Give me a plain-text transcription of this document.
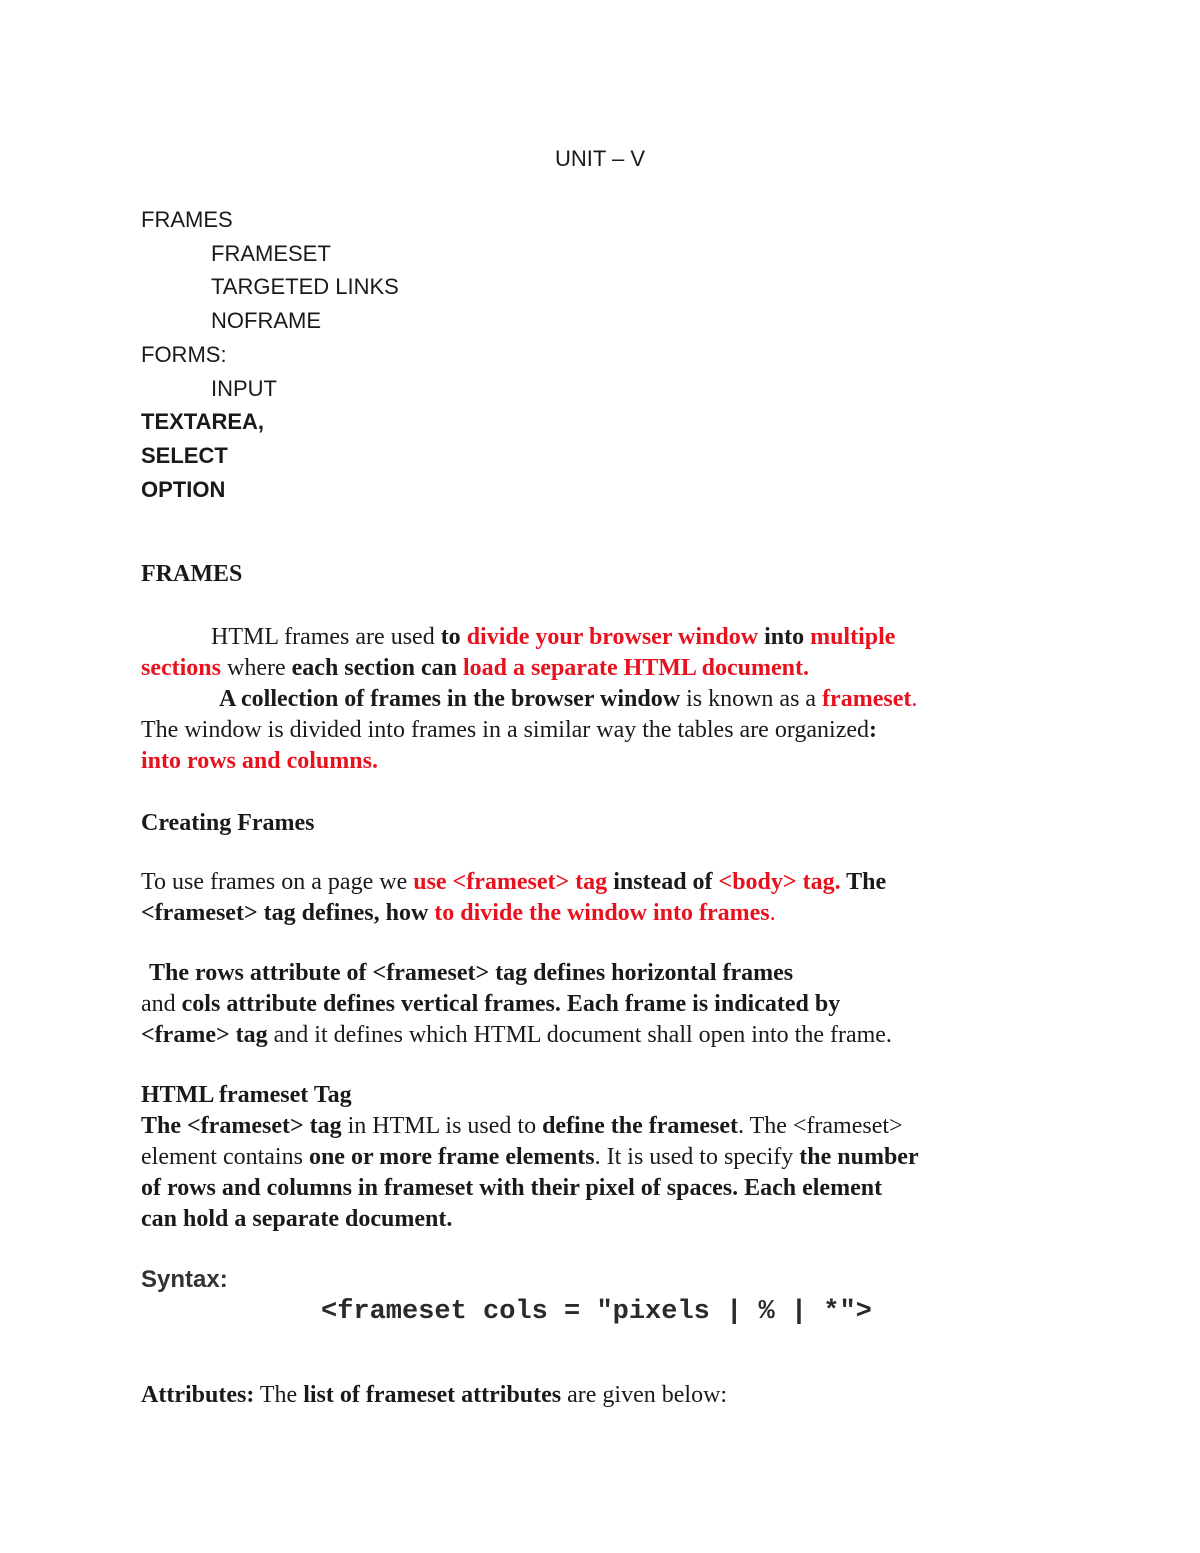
UNIT – V
FRAMES
FRAMESET
TARGETED LINKS
NOFRAME
FORMS:
INPUT
TEXTAREA,
SELECT
OPTION
FRAMES
HTML frames are used to divide your browser window into multiple
sections where each section can load a separate HTML document.
A collection of frames in the browser window is known as a frameset.
The window is divided into frames in a similar way the tables are organized:
into rows and columns.
Creating Frames
To use frames on a page we use <frameset> tag instead of <body> tag. The
<frameset> tag defines, how to divide the window into frames.
The rows attribute of <frameset> tag defines horizontal frames
and cols attribute defines vertical frames. Each frame is indicated by
<frame> tag and it defines which HTML document shall open into the frame.
HTML frameset Tag
The <frameset> tag in HTML is used to define the frameset. The <frameset>
element contains one or more frame elements. It is used to specify the number
of rows and columns in frameset with their pixel of spaces. Each element
can hold a separate document.
Syntax:
<frameset cols = "pixels | % | *">
Attributes: The list of frameset attributes are given below:
